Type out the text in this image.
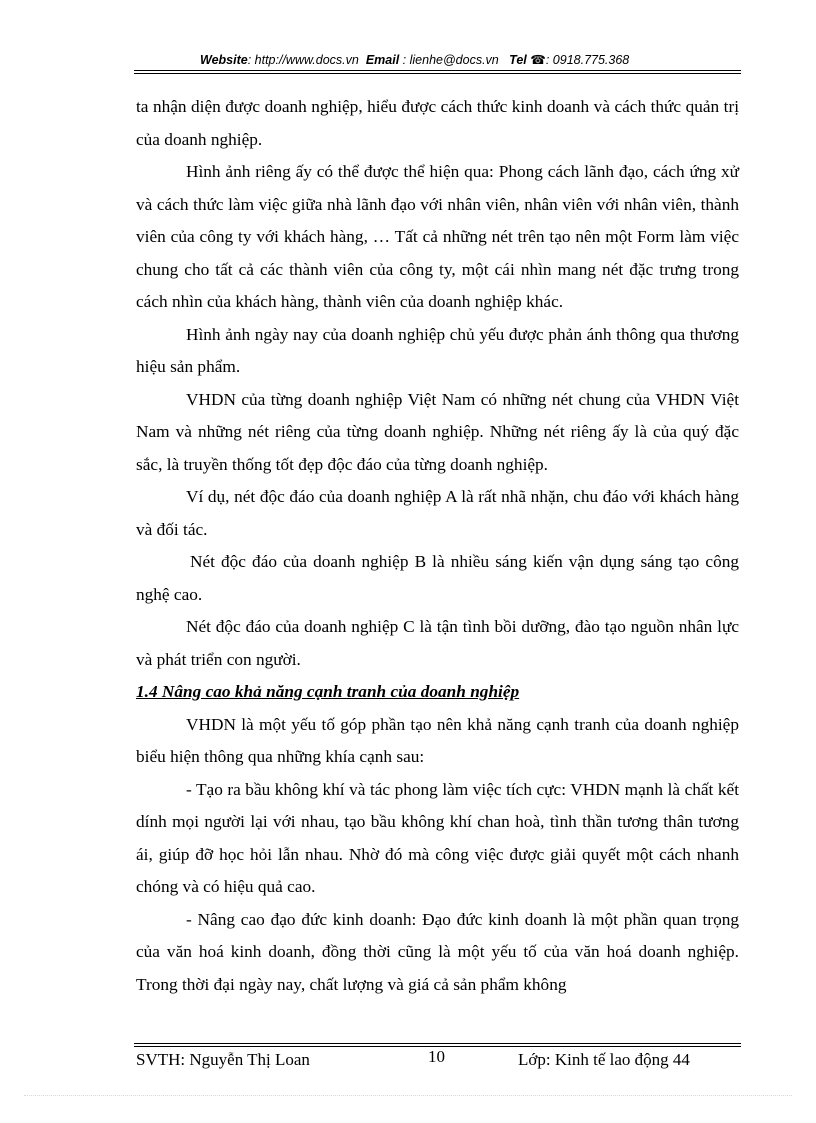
Website: http://www.docs.vn Email : lienhe@docs.vn Tel ☎: 0918.775.368

ta nhận diện được doanh nghiệp, hiểu được cách thức kinh doanh và cách thức quản trị của doanh nghiệp.

Hình ảnh riêng ấy có thể được thể hiện qua: Phong cách lãnh đạo, cách ứng xử và cách thức làm việc giữa nhà lãnh đạo với nhân viên, nhân viên với nhân viên, thành viên của công ty với khách hàng, … Tất cả những nét trên tạo nên một Form làm việc chung cho tất cả các thành viên của công ty, một cái nhìn mang nét đặc trưng trong cách nhìn của khách hàng, thành viên của doanh nghiệp khác.

Hình ảnh ngày nay của doanh nghiệp chủ yếu được phản ánh thông qua thương hiệu sản phẩm.

VHDN của từng doanh nghiệp Việt Nam có những nét chung của VHDN Việt Nam và những nét riêng của từng doanh nghiệp. Những nét riêng ấy là của quý đặc sắc, là truyền thống tốt đẹp độc đáo của từng doanh nghiệp.

Ví dụ, nét độc đáo của doanh nghiệp A là rất nhã nhặn, chu đáo với khách hàng và đối tác.

Nét độc đáo của doanh nghiệp B là nhiều sáng kiến vận dụng sáng tạo công nghệ cao.

Nét độc đáo của doanh nghiệp C là tận tình bồi dưỡng, đào tạo nguồn nhân lực và phát triển con người.

1.4 Nâng cao khả năng cạnh tranh của doanh nghiệp

VHDN là một yếu tố góp phần tạo nên khả năng cạnh tranh của doanh nghiệp biểu hiện thông qua những khía cạnh sau:

- Tạo ra bầu không khí và tác phong làm việc tích cực: VHDN mạnh là chất kết dính mọi người lại với nhau, tạo bầu không khí chan hoà, tình thần tương thân tương ái, giúp đỡ học hỏi lẫn nhau. Nhờ đó mà công việc được giải quyết một cách nhanh chóng và có hiệu quả cao.

- Nâng cao đạo đức kinh doanh: Đạo đức kinh doanh là một phần quan trọng của văn hoá kinh doanh, đồng thời cũng là một yếu tố của văn hoá doanh nghiệp. Trong thời đại ngày nay, chất lượng và giá cả sản phẩm không

SVTH: Nguyễn Thị Loan	10	Lớp: Kinh tế lao động 44
